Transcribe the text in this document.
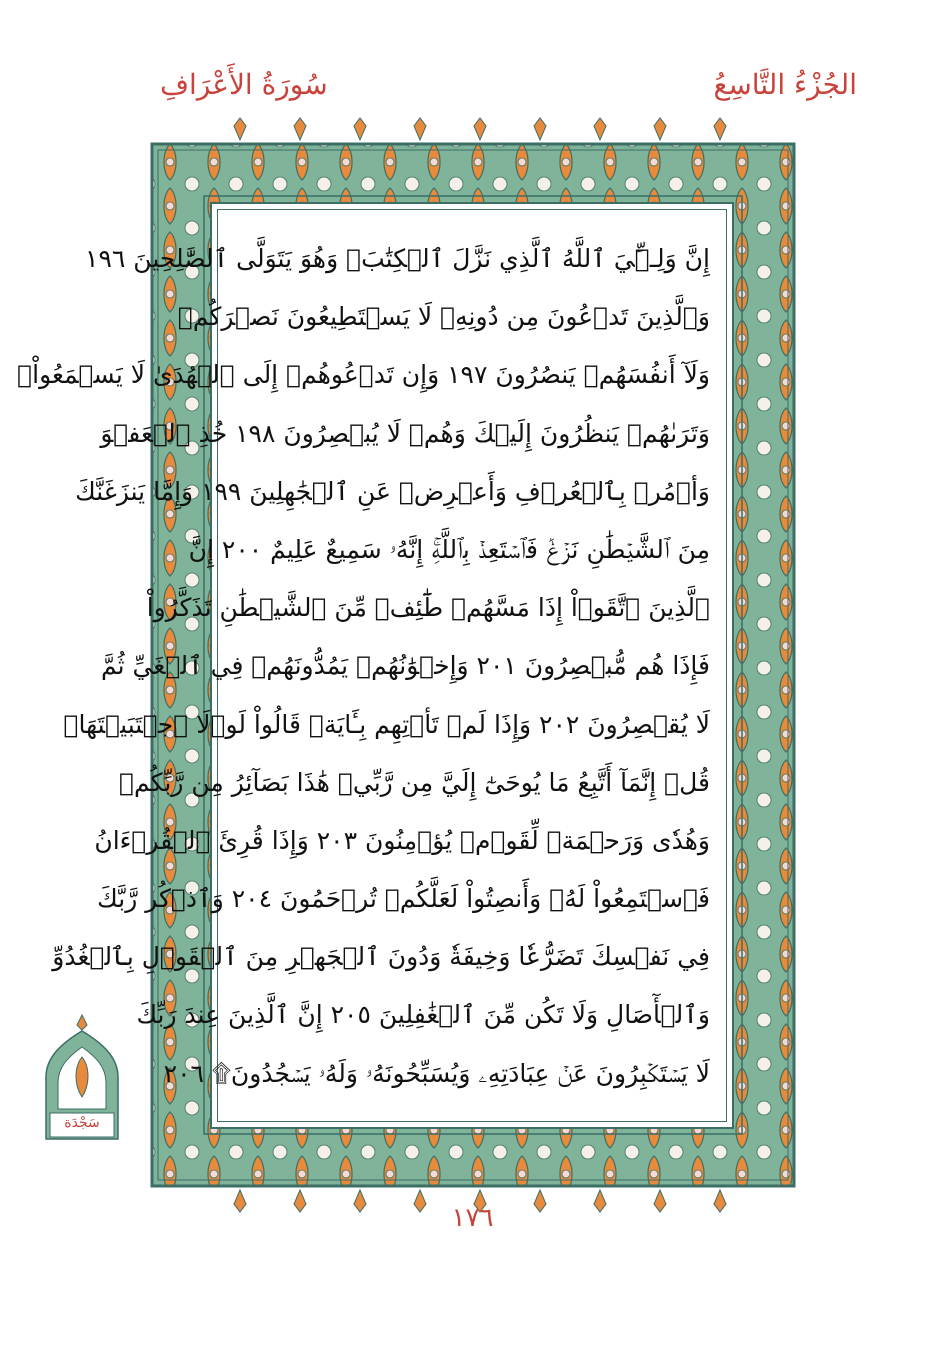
الجُزْءُ التَّاسِعُ
سُورَةُ الأَعْرَافِ
إِنَّ وَلِـِّۧيَ ٱللَّهُ ٱلَّذِي نَزَّلَ ٱلۡكِتَٰبَۖ وَهُوَ يَتَوَلَّى ٱلصَّٰلِحِينَ ١٩٦
وَٱلَّذِينَ تَدۡعُونَ مِن دُونِهِۦ لَا يَسۡتَطِيعُونَ نَصۡرَكُمۡ
وَلَآ أَنفُسَهُمۡ يَنصُرُونَ ١٩٧ وَإِن تَدۡعُوهُمۡ إِلَى ٱلۡهُدَىٰ لَا يَسۡمَعُواْۖ
وَتَرَىٰهُمۡ يَنظُرُونَ إِلَيۡكَ وَهُمۡ لَا يُبۡصِرُونَ ١٩٨ خُذِ ٱلۡعَفۡوَ
وَأۡمُرۡ بِٱلۡعُرۡفِ وَأَعۡرِضۡ عَنِ ٱلۡجَٰهِلِينَ ١٩٩ وَإِمَّا يَنزَغَنَّكَ
مِنَ ٱلشَّيۡطَٰنِ نَزۡغٞ فَٱسۡتَعِذۡ بِٱللَّهِۚ إِنَّهُۥ سَمِيعٌ عَلِيمٌ ٢٠٠ إِنَّ
ٱلَّذِينَ ٱتَّقَوۡاْ إِذَا مَسَّهُمۡ طَٰٓئِفٞ مِّنَ ٱلشَّيۡطَٰنِ تَذَكَّرُواْ
فَإِذَا هُم مُّبۡصِرُونَ ٢٠١ وَإِخۡوَٰنُهُمۡ يَمُدُّونَهُمۡ فِي ٱلۡغَيِّ ثُمَّ
لَا يُقۡصِرُونَ ٢٠٢ وَإِذَا لَمۡ تَأۡتِهِم بِـَٔايَةٖ قَالُواْ لَوۡلَا ٱجۡتَبَيۡتَهَاۚ
قُلۡ إِنَّمَآ أَتَّبِعُ مَا يُوحَىٰٓ إِلَيَّ مِن رَّبِّيۚ هَٰذَا بَصَآئِرُ مِن رَّبِّكُمۡ
وَهُدٗى وَرَحۡمَةٞ لِّقَوۡمٖ يُؤۡمِنُونَ ٢٠٣ وَإِذَا قُرِئَ ٱلۡقُرۡءَانُ
فَٱسۡتَمِعُواْ لَهُۥ وَأَنصِتُواْ لَعَلَّكُمۡ تُرۡحَمُونَ ٢٠٤ وَٱذۡكُر رَّبَّكَ
فِي نَفۡسِكَ تَضَرُّعٗا وَخِيفَةٗ وَدُونَ ٱلۡجَهۡرِ مِنَ ٱلۡقَوۡلِ بِٱلۡغُدُوِّ
وَٱلۡأٓصَالِ وَلَا تَكُن مِّنَ ٱلۡغَٰفِلِينَ ٢٠٥ إِنَّ ٱلَّذِينَ عِندَ رَبِّكَ
لَا يَسۡتَكۡبِرُونَ عَنۡ عِبَادَتِهِۦ وَيُسَبِّحُونَهُۥ وَلَهُۥ يَسۡجُدُونَ۩ ٢٠٦
سَجْدَة
١٧٦
